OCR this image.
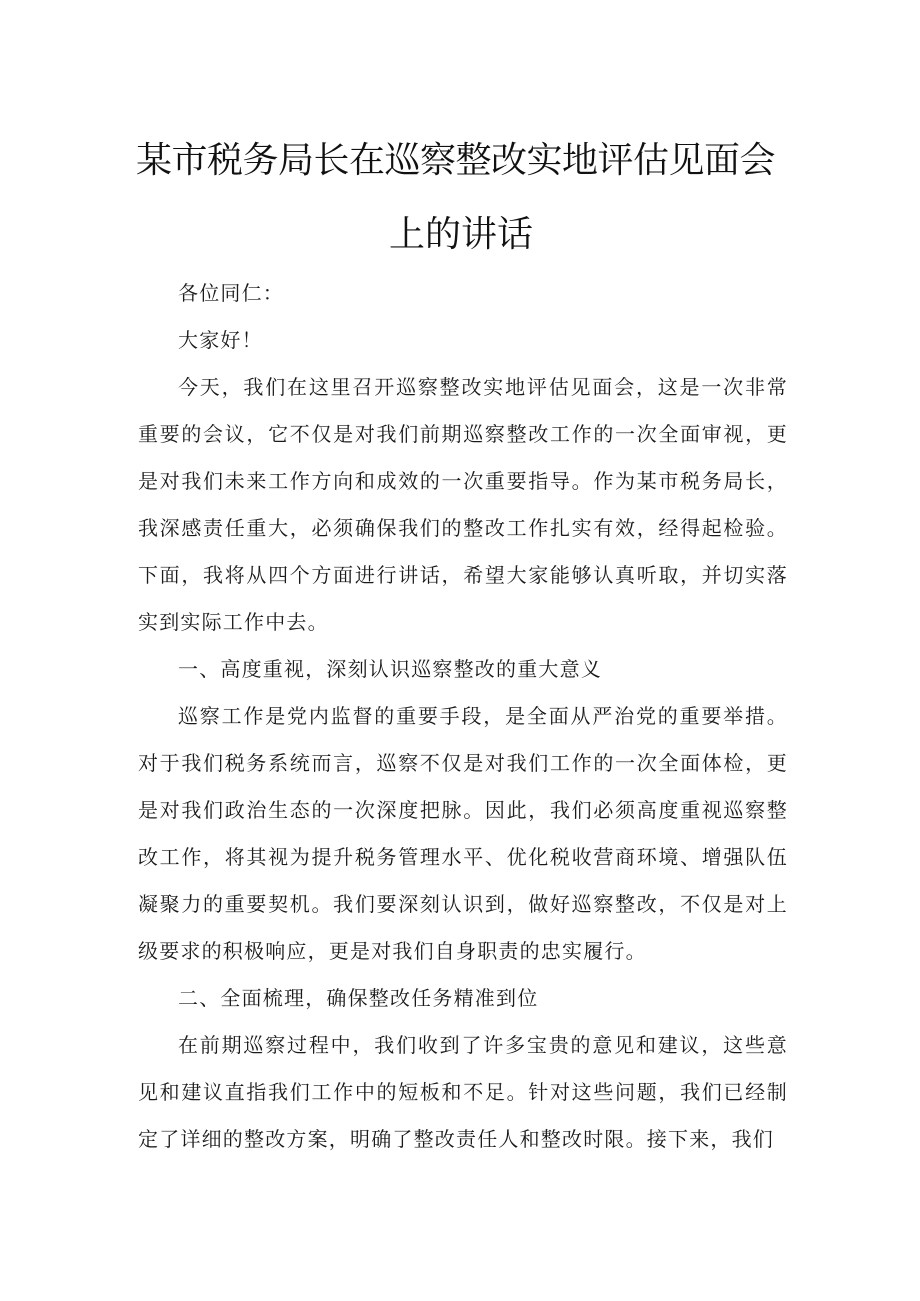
某市税务局长在巡察整改实地评估见面会
上的讲话

各位同仁：

大家好！

今天，我们在这里召开巡察整改实地评估见面会，这是一次非常重要的会议，它不仅是对我们前期巡察整改工作的一次全面审视，更是对我们未来工作方向和成效的一次重要指导。作为某市税务局长，我深感责任重大，必须确保我们的整改工作扎实有效，经得起检验。下面，我将从四个方面进行讲话，希望大家能够认真听取，并切实落实到实际工作中去。

一、高度重视，深刻认识巡察整改的重大意义

巡察工作是党内监督的重要手段，是全面从严治党的重要举措。对于我们税务系统而言，巡察不仅是对我们工作的一次全面体检，更是对我们政治生态的一次深度把脉。因此，我们必须高度重视巡察整改工作，将其视为提升税务管理水平、优化税收营商环境、增强队伍凝聚力的重要契机。我们要深刻认识到，做好巡察整改，不仅是对上级要求的积极响应，更是对我们自身职责的忠实履行。

二、全面梳理，确保整改任务精准到位

在前期巡察过程中，我们收到了许多宝贵的意见和建议，这些意见和建议直指我们工作中的短板和不足。针对这些问题，我们已经制定了详细的整改方案，明确了整改责任人和整改时限。接下来，我们
